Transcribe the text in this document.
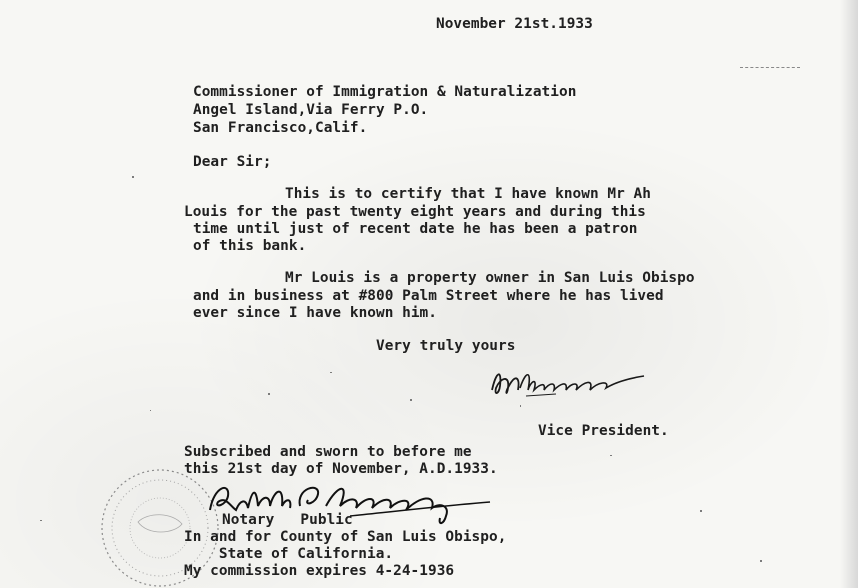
November 21st.1933
Commissioner of Immigration & Naturalization
Angel Island,Via Ferry P.O.
San Francisco,Calif.
Dear Sir;
This is to certify that I have known Mr Ah
Louis for the past twenty eight years and during this
time until just of recent date he has been a patron
of this bank.
Mr Louis is a property owner in San Luis Obispo
and in business at #800 Palm Street where he has lived
ever since I have known him.
Very truly yours
Vice President.
Subscribed and sworn to before me
this 21st day of November, A.D.1933.
Notary   Public
In and for County of San Luis Obispo,
State of California.
My commission expires 4-24-1936
